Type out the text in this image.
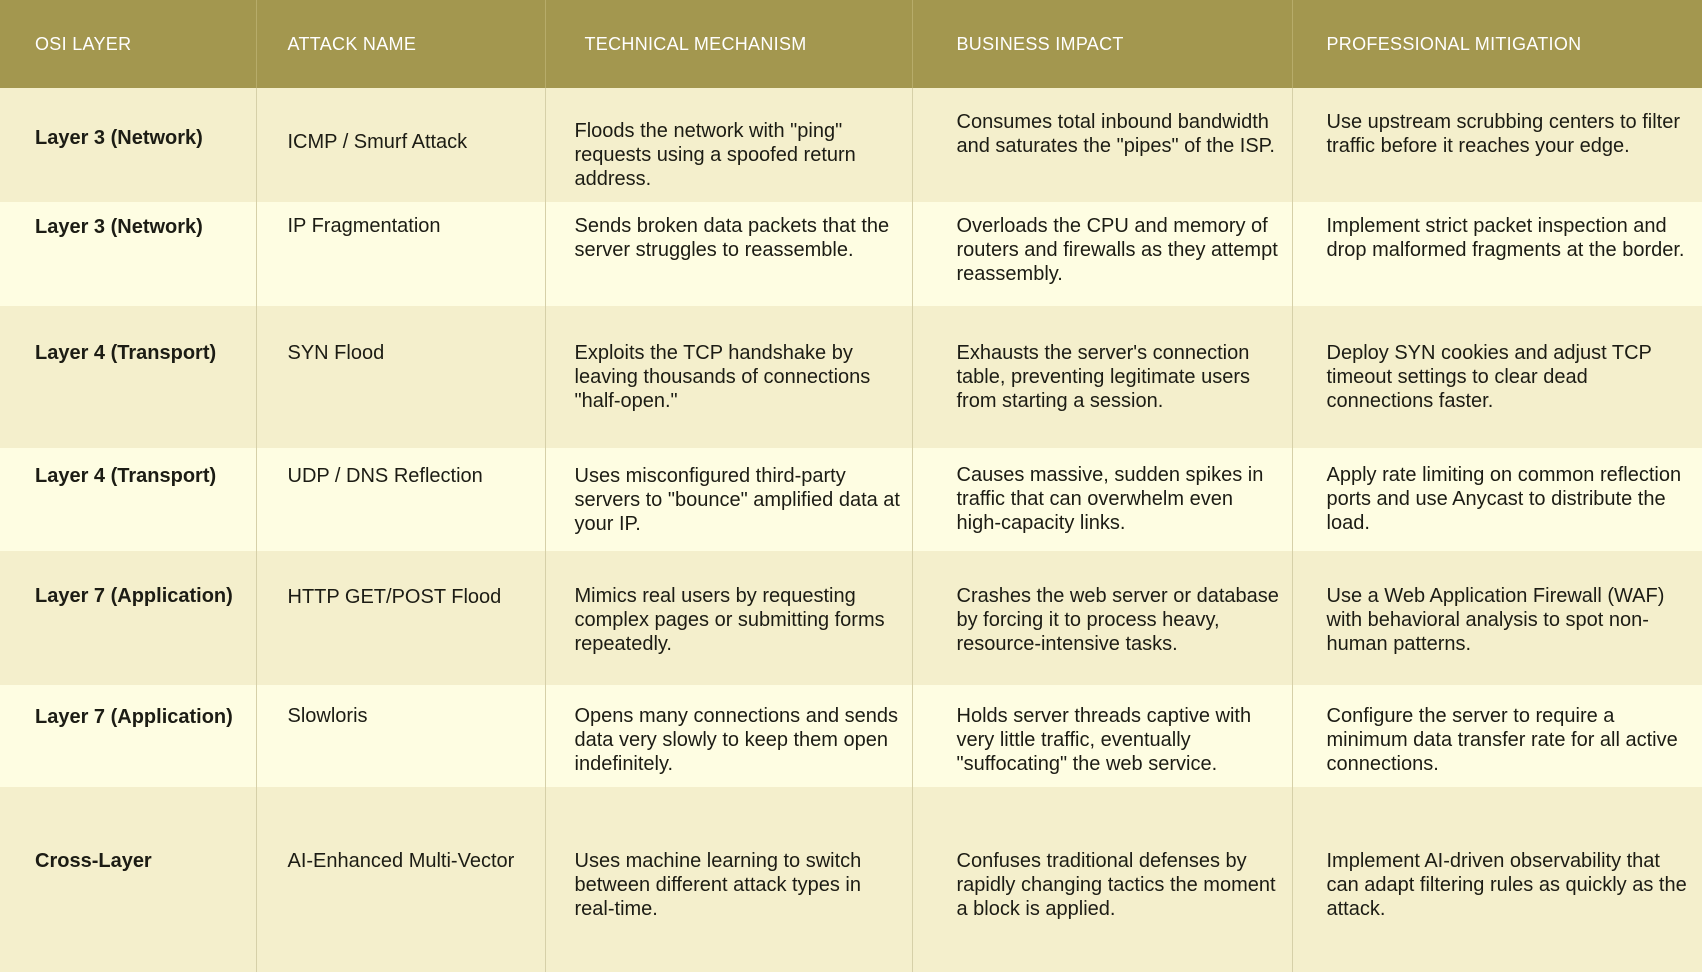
OSI LAYER	ATTACK NAME	TECHNICAL MECHANISM	BUSINESS IMPACT	PROFESSIONAL MITIGATION

Layer 3 (Network)	ICMP / Smurf Attack	Floods the network with "ping" requests using a spoofed return address.	Consumes total inbound bandwidth and saturates the "pipes" of the ISP.	Use upstream scrubbing centers to filter traffic before it reaches your edge.

Layer 3 (Network)	IP Fragmentation	Sends broken data packets that the server struggles to reassemble.	Overloads the CPU and memory of routers and firewalls as they attempt reassembly.	Implement strict packet inspection and drop malformed fragments at the border.

Layer 4 (Transport)	SYN Flood	Exploits the TCP handshake by leaving thousands of connections "half-open."	Exhausts the server's connection table, preventing legitimate users from starting a session.	Deploy SYN cookies and adjust TCP timeout settings to clear dead connections faster.

Layer 4 (Transport)	UDP / DNS Reflection	Uses misconfigured third-party servers to "bounce" amplified data at your IP.	Causes massive, sudden spikes in traffic that can overwhelm even high-capacity links.	Apply rate limiting on common reflection ports and use Anycast to distribute the load.

Layer 7 (Application)	HTTP GET/POST Flood	Mimics real users by requesting complex pages or submitting forms repeatedly.	Crashes the web server or database by forcing it to process heavy, resource-intensive tasks.	Use a Web Application Firewall (WAF) with behavioral analysis to spot non-human patterns.

Layer 7 (Application)	Slowloris	Opens many connections and sends data very slowly to keep them open indefinitely.	Holds server threads captive with very little traffic, eventually "suffocating" the web service.	Configure the server to require a minimum data transfer rate for all active connections.

Cross-Layer	AI-Enhanced Multi-Vector	Uses machine learning to switch between different attack types in real-time.	Confuses traditional defenses by rapidly changing tactics the moment a block is applied.	Implement AI-driven observability that can adapt filtering rules as quickly as the attack.
